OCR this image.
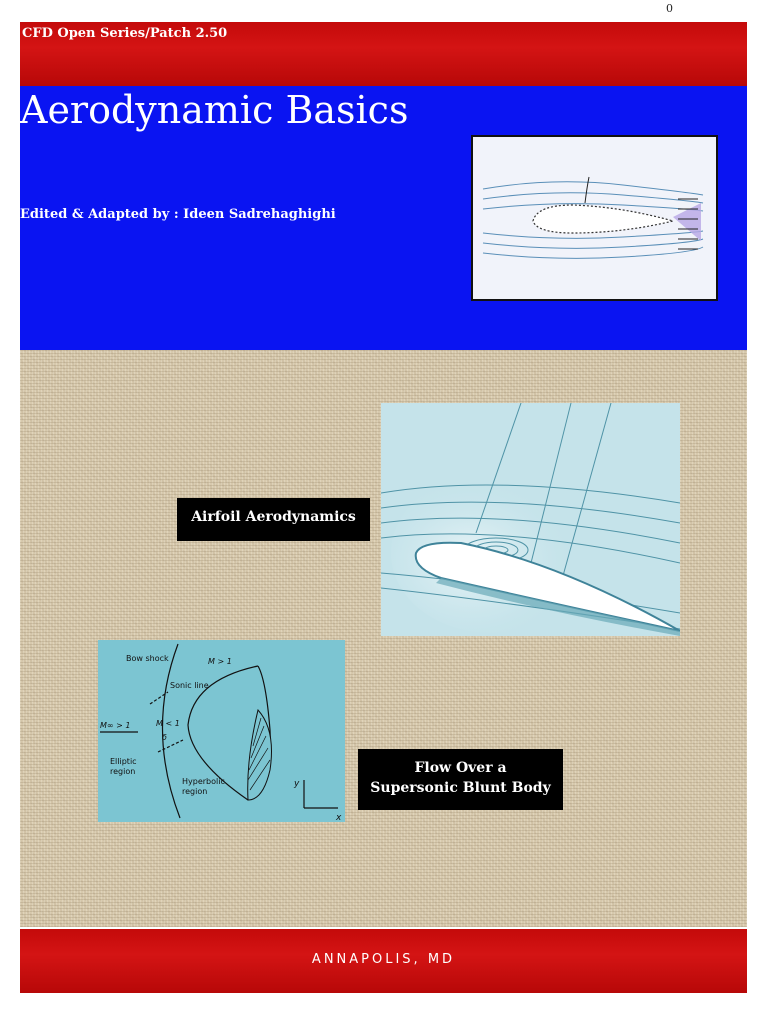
0
CFD Open Series/Patch 2.50
Aerodynamic Basics
Edited & Adapted by : Ideen Sadrehaghighi
Airfoil Aerodynamics
Bow shock	M > 1
Sonic line
M∞ > 1	M < 1
δ
Elliptic
region
Hyperbolic
region
y
x
Flow Over a
Supersonic Blunt Body
ANNAPOLIS, MD
